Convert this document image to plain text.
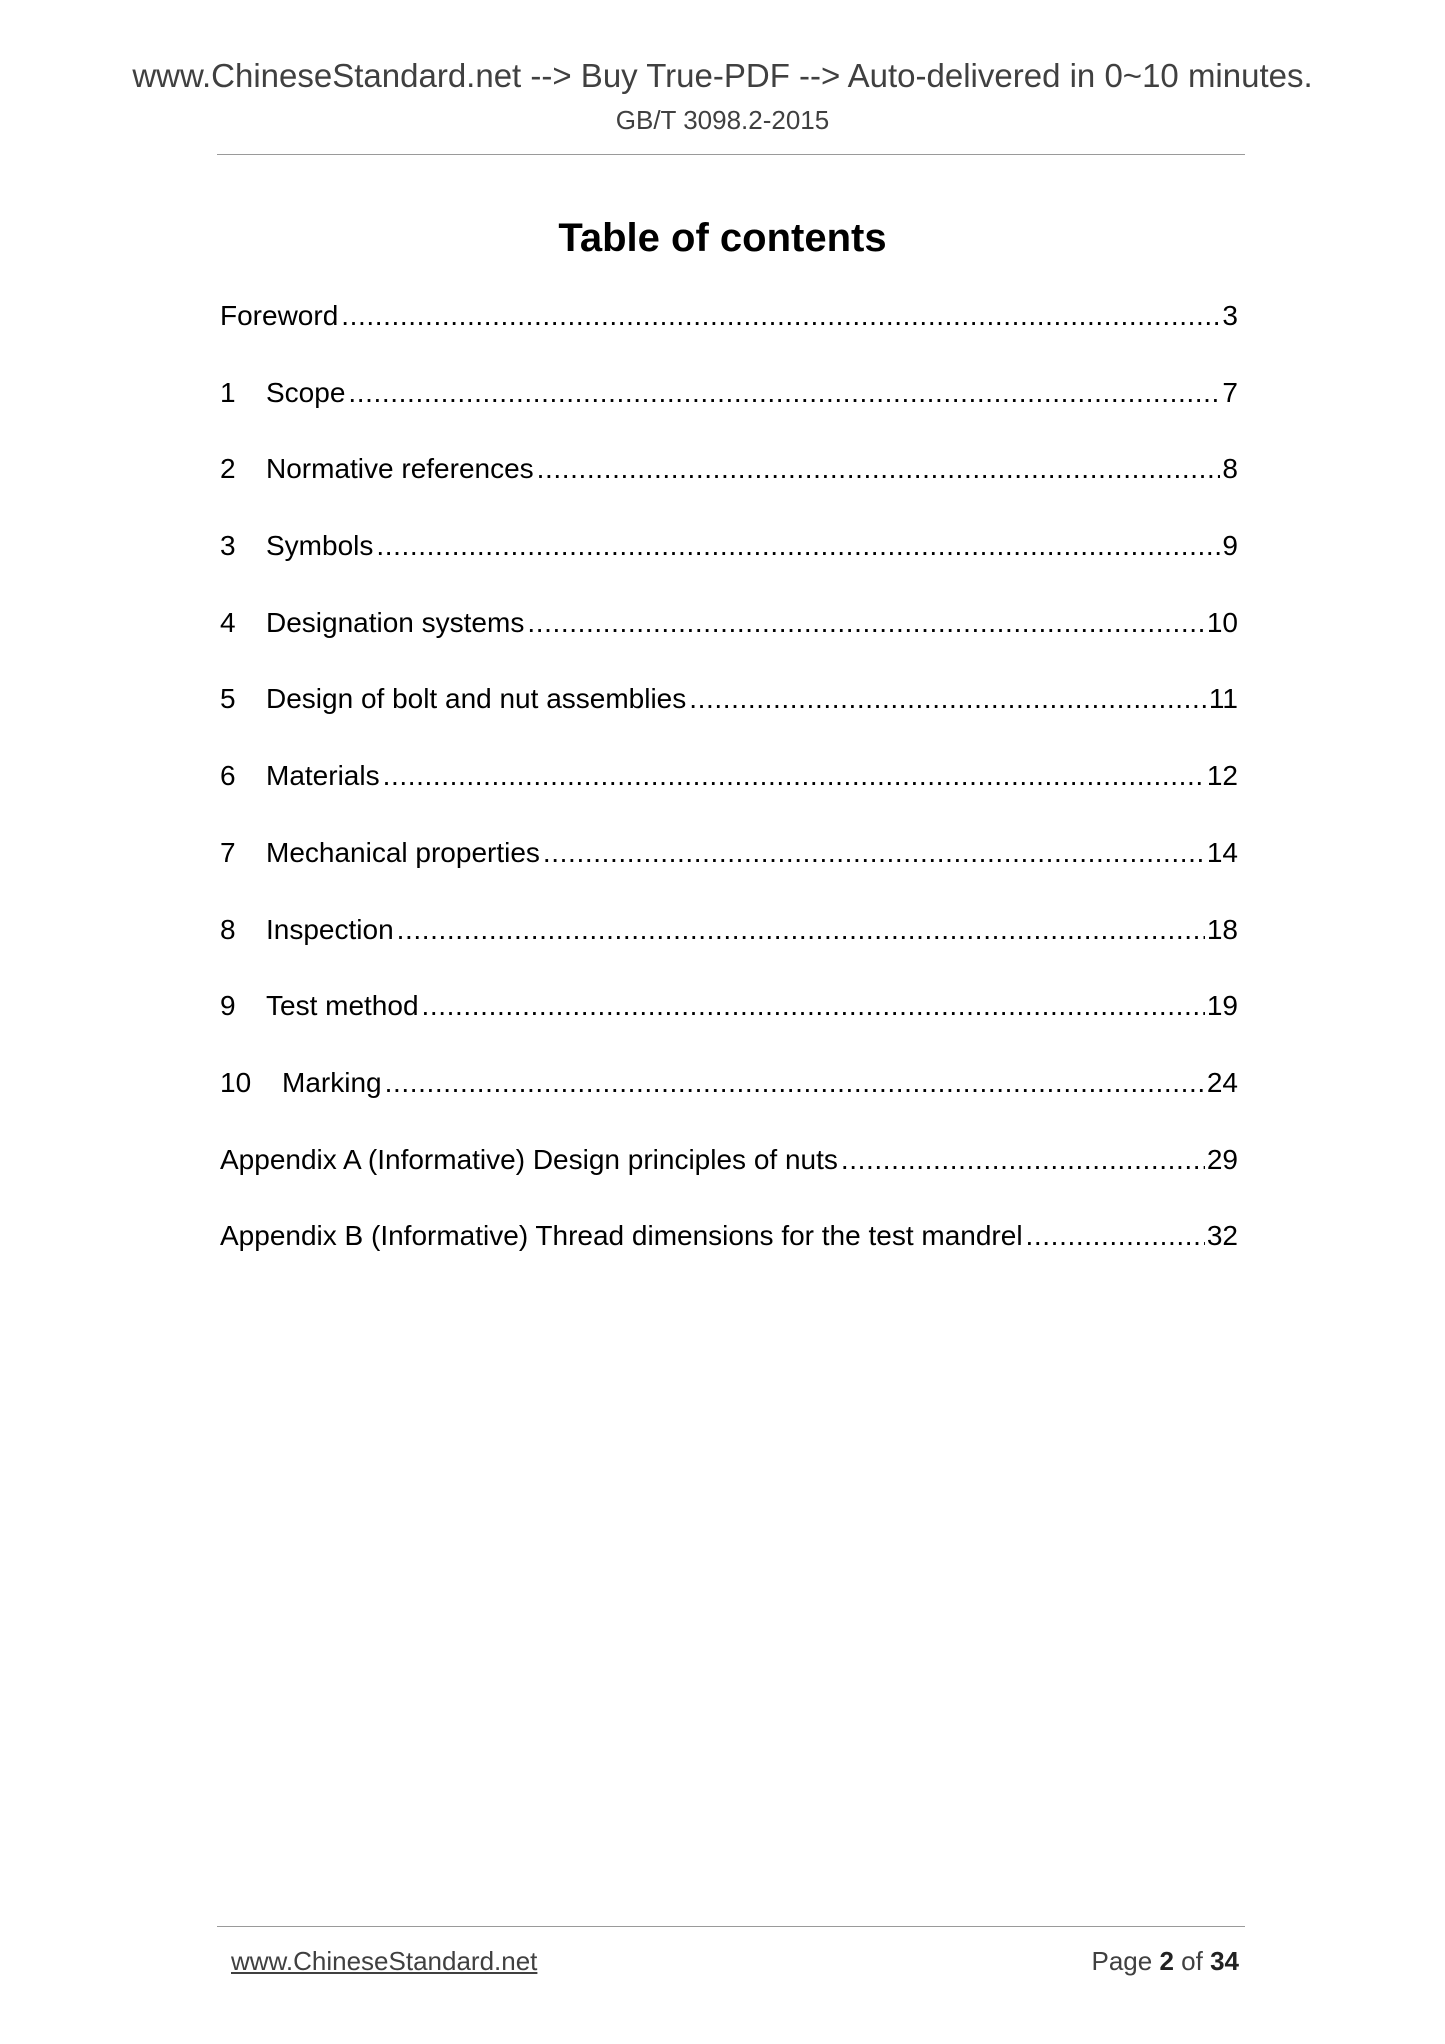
www.ChineseStandard.net --> Buy True-PDF --> Auto-delivered in 0~10 minutes.
GB/T 3098.2-2015
Table of contents
Foreword .....	3
1	Scope .....	7
2	Normative references .....	8
3	Symbols .....	9
4	Designation systems .....	10
5	Design of bolt and nut assemblies .....	11
6	Materials .....	12
7	Mechanical properties .....	14
8	Inspection .....	18
9	Test method .....	19
10	Marking .....	24
Appendix A (Informative) Design principles of nuts .....	29
Appendix B (Informative) Thread dimensions for the test mandrel .....	32
www.ChineseStandard.net	Page 2 of 34
